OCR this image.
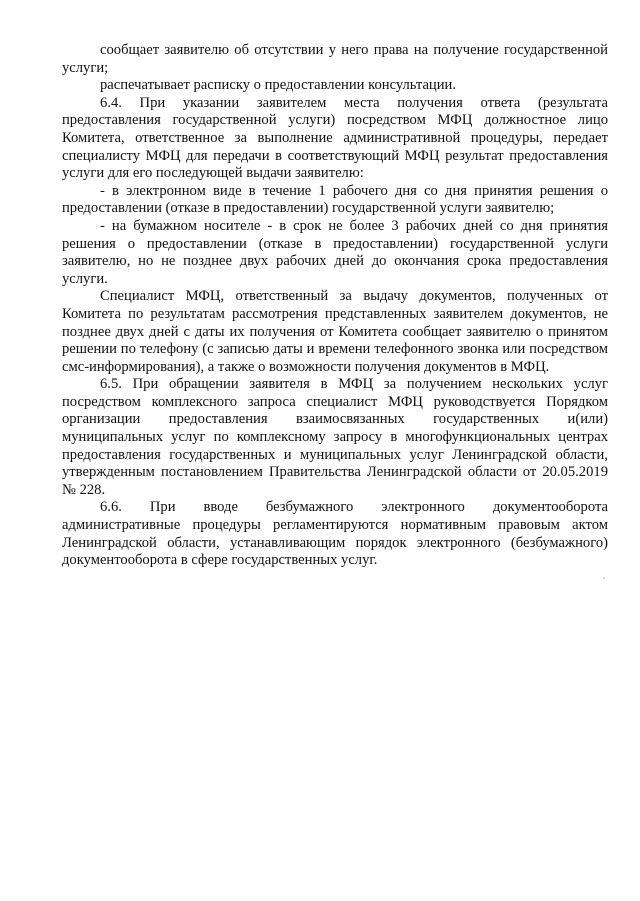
сообщает заявителю об отсутствии у него права на получение государственной услуги;

распечатывает расписку о предоставлении консультации.

6.4. При указании заявителем места получения ответа (результата предоставления государственной услуги) посредством МФЦ должностное лицо Комитета, ответственное за выполнение административной процедуры, передает специалисту МФЦ для передачи в соответствующий МФЦ результат предоставления услуги для его последующей выдачи заявителю:

- в электронном виде в течение 1 рабочего дня со дня принятия решения о предоставлении (отказе в предоставлении) государственной услуги заявителю;

- на бумажном носителе - в срок не более 3 рабочих дней со дня принятия решения о предоставлении (отказе в предоставлении) государственной услуги заявителю, но не позднее двух рабочих дней до окончания срока предоставления услуги.

Специалист МФЦ, ответственный за выдачу документов, полученных от Комитета по результатам рассмотрения представленных заявителем документов, не позднее двух дней с даты их получения от Комитета сообщает заявителю о принятом решении по телефону (с записью даты и времени телефонного звонка или посредством смс-информирования), а также о возможности получения документов в МФЦ.

6.5. При обращении заявителя в МФЦ за получением нескольких услуг посредством комплексного запроса специалист МФЦ руководствуется Порядком организации предоставления взаимосвязанных государственных и(или) муниципальных услуг по комплексному запросу в многофункциональных центрах предоставления государственных и муниципальных услуг Ленинградской области, утвержденным постановлением Правительства Ленинградской области от 20.05.2019 № 228.

6.6. При вводе безбумажного электронного документооборота административные процедуры регламентируются нормативным правовым актом Ленинградской области, устанавливающим порядок электронного (безбумажного) документооборота в сфере государственных услуг.
